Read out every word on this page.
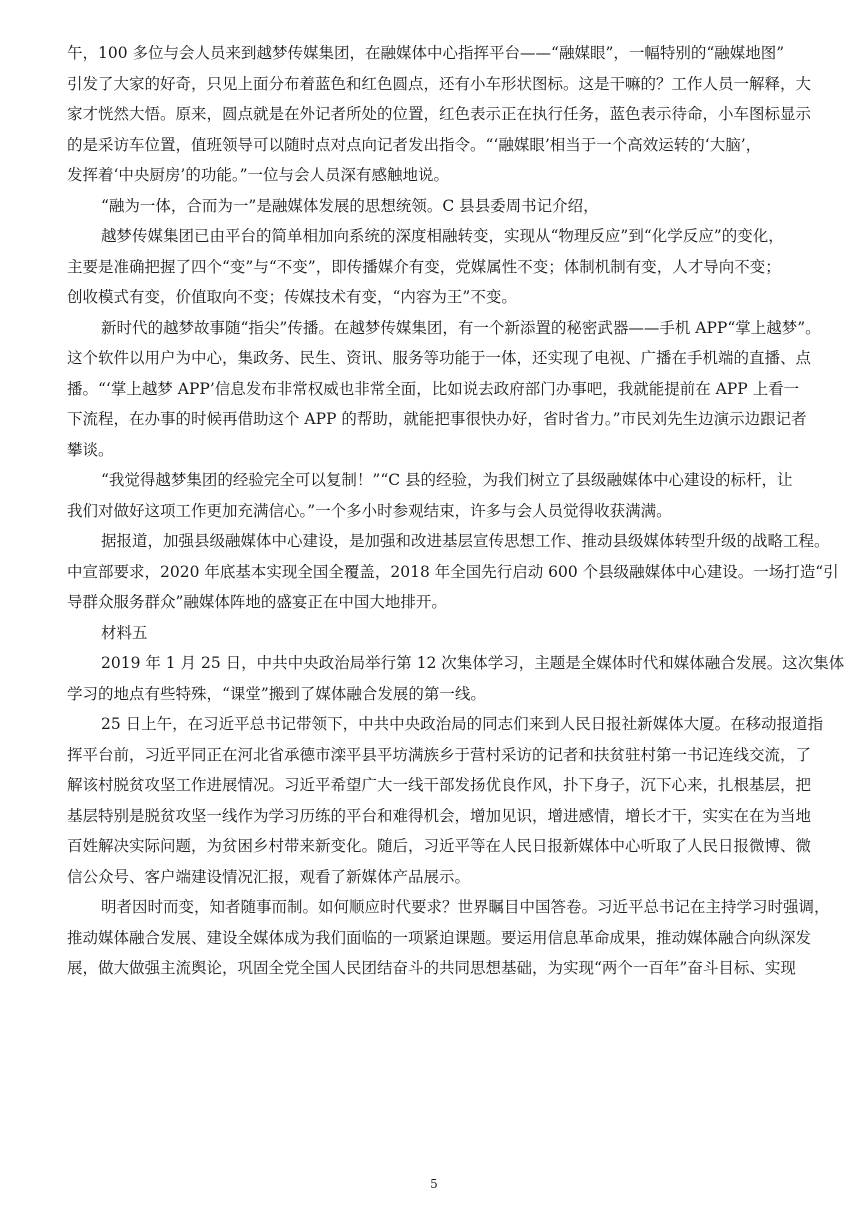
午，100 多位与会人员来到越梦传媒集团，在融媒体中心指挥平台——“融媒眼”，一幅特别的“融媒地图”
引发了大家的好奇，只见上面分布着蓝色和红色圆点，还有小车形状图标。这是干嘛的？工作人员一解释，大
家才恍然大悟。原来，圆点就是在外记者所处的位置，红色表示正在执行任务，蓝色表示待命，小车图标显示
的是采访车位置，值班领导可以随时点对点向记者发出指令。“‘融媒眼’相当于一个高效运转的‘大脑’，
发挥着‘中央厨房’的功能。”一位与会人员深有感触地说。
“融为一体，合而为一”是融媒体发展的思想统领。C 县县委周书记介绍，
越梦传媒集团已由平台的简单相加向系统的深度相融转变，实现从“物理反应”到“化学反应”的变化，
主要是准确把握了四个“变”与“不变”，即传播媒介有变，党媒属性不变；体制机制有变，人才导向不变；
创收模式有变，价值取向不变；传媒技术有变，“内容为王”不变。
新时代的越梦故事随“指尖”传播。在越梦传媒集团，有一个新添置的秘密武器——手机 APP“掌上越梦”。
这个软件以用户为中心，集政务、民生、资讯、服务等功能于一体，还实现了电视、广播在手机端的直播、点
播。“‘掌上越梦 APP’信息发布非常权威也非常全面，比如说去政府部门办事吧，我就能提前在 APP 上看一
下流程，在办事的时候再借助这个 APP 的帮助，就能把事很快办好，省时省力。”市民刘先生边演示边跟记者
攀谈。
“我觉得越梦集团的经验完全可以复制！”“C 县的经验，为我们树立了县级融媒体中心建设的标杆，让
我们对做好这项工作更加充满信心。”一个多小时参观结束，许多与会人员觉得收获满满。
据报道，加强县级融媒体中心建设，是加强和改进基层宣传思想工作、推动县级媒体转型升级的战略工程。
中宣部要求，2020 年底基本实现全国全覆盖，2018 年全国先行启动 600 个县级融媒体中心建设。一场打造“引
导群众服务群众”融媒体阵地的盛宴正在中国大地排开。
材料五
2019 年 1 月 25 日，中共中央政治局举行第 12 次集体学习，主题是全媒体时代和媒体融合发展。这次集体
学习的地点有些特殊，“课堂”搬到了媒体融合发展的第一线。
25 日上午，在习近平总书记带领下，中共中央政治局的同志们来到人民日报社新媒体大厦。在移动报道指
挥平台前，习近平同正在河北省承德市滦平县平坊满族乡于营村采访的记者和扶贫驻村第一书记连线交流，了
解该村脱贫攻坚工作进展情况。习近平希望广大一线干部发扬优良作风，扑下身子，沉下心来，扎根基层，把
基层特别是脱贫攻坚一线作为学习历练的平台和难得机会，增加见识，增进感情，增长才干，实实在在为当地
百姓解决实际问题，为贫困乡村带来新变化。随后，习近平等在人民日报新媒体中心听取了人民日报微博、微
信公众号、客户端建设情况汇报，观看了新媒体产品展示。
明者因时而变，知者随事而制。如何顺应时代要求？世界瞩目中国答卷。习近平总书记在主持学习时强调，
推动媒体融合发展、建设全媒体成为我们面临的一项紧迫课题。要运用信息革命成果，推动媒体融合向纵深发
展，做大做强主流舆论，巩固全党全国人民团结奋斗的共同思想基础，为实现“两个一百年”奋斗目标、实现
5
